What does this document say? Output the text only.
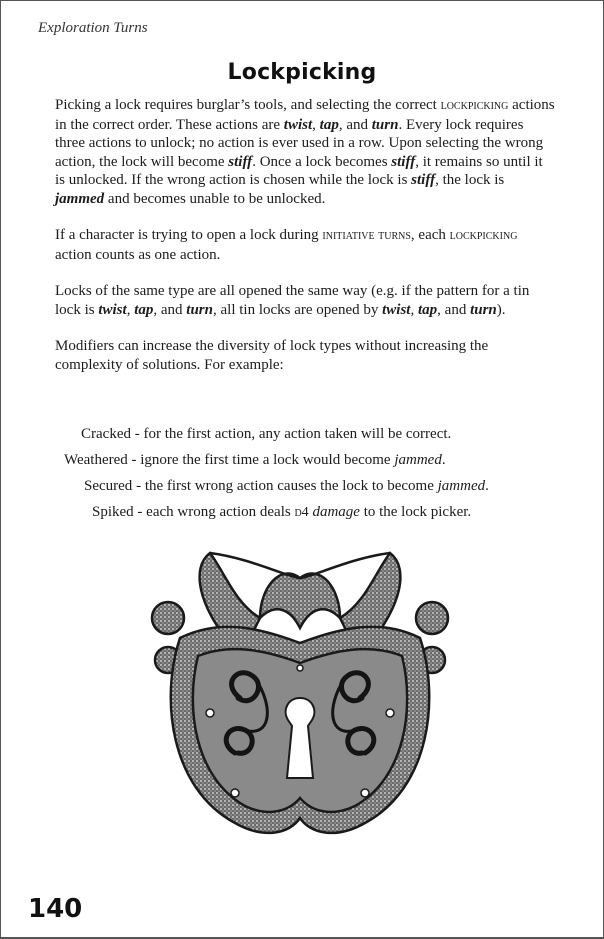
Exploration Turns
Lockpicking

Picking a lock requires burglar’s tools, and selecting the correct lockpicking actions in the correct order. These actions are twist, tap, and turn. Every lock requires three actions to unlock; no action is ever used in a row. Upon selecting the wrong action, the lock will become stiff. Once a lock becomes stiff, it remains so until it is unlocked. If the wrong action is chosen while the lock is stiff, the lock is jammed and becomes unable to be unlocked.

If a character is trying to open a lock during initiative turns, each lockpicking action counts as one action.

Locks of the same type are all opened the same way (e.g. if the pattern for a tin lock is twist, tap, and turn, all tin locks are opened by twist, tap, and turn).

Modifiers can increase the diversity of lock types without increasing the complexity of solutions. For example:

Cracked - for the first action, any action taken will be correct.
Weathered - ignore the first time a lock would become jammed.
Secured - the first wrong action causes the lock to become jammed.
Spiked - each wrong action deals d4 damage to the lock picker.
140
